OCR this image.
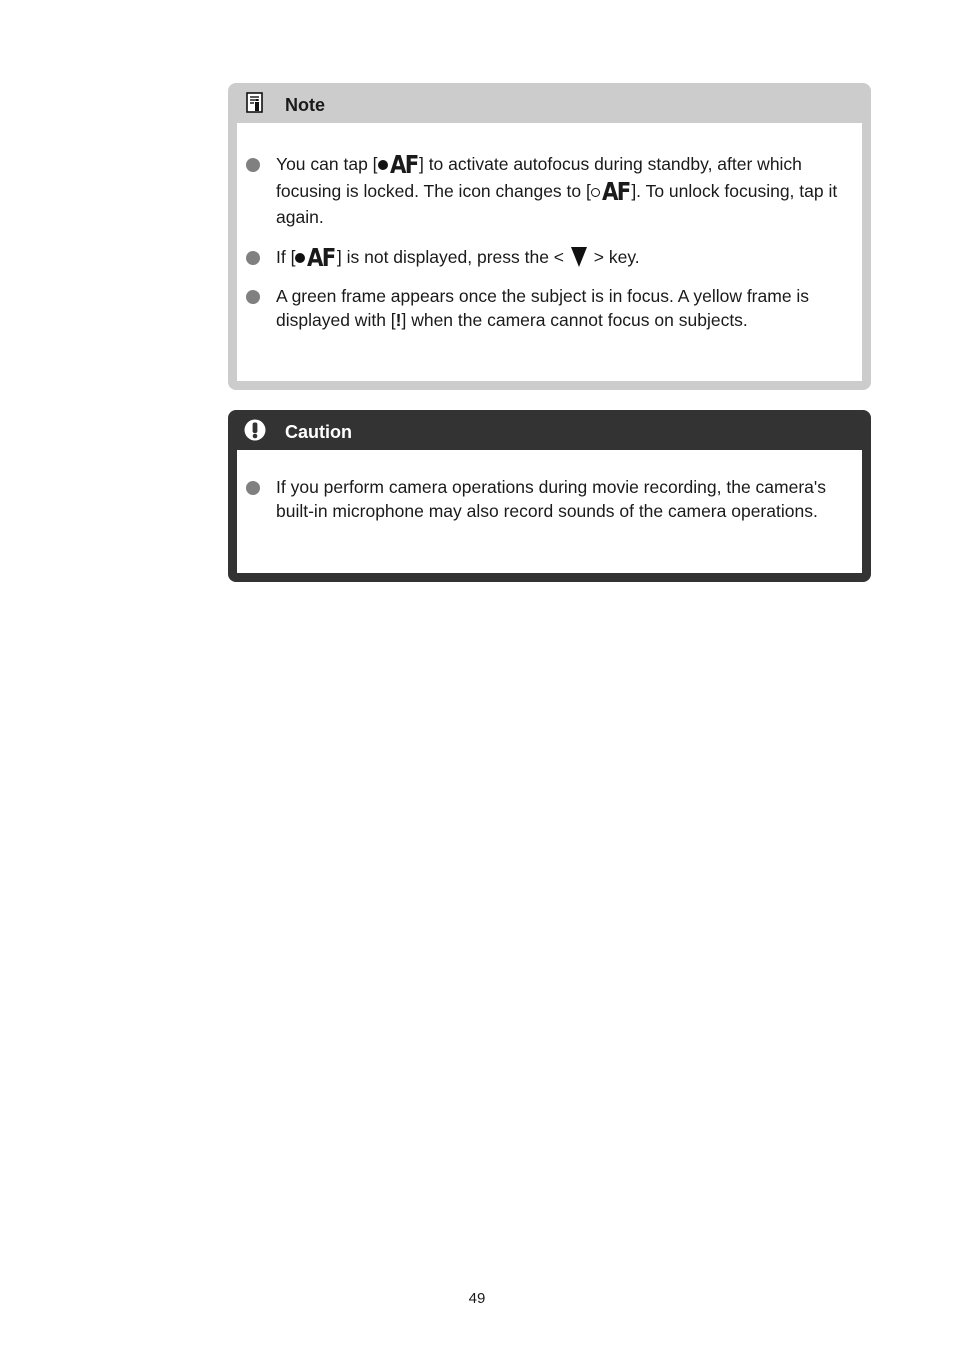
Note
You can tap [ AF ] to activate autofocus during standby, after which focusing is locked. The icon changes to [ AF ]. To unlock focusing, tap it again.
If [ AF ] is not displayed, press the <  > key.
A green frame appears once the subject is in focus. A yellow frame is displayed with [!] when the camera cannot focus on subjects.
Caution
If you perform camera operations during movie recording, the camera's built-in microphone may also record sounds of the camera operations.
49
